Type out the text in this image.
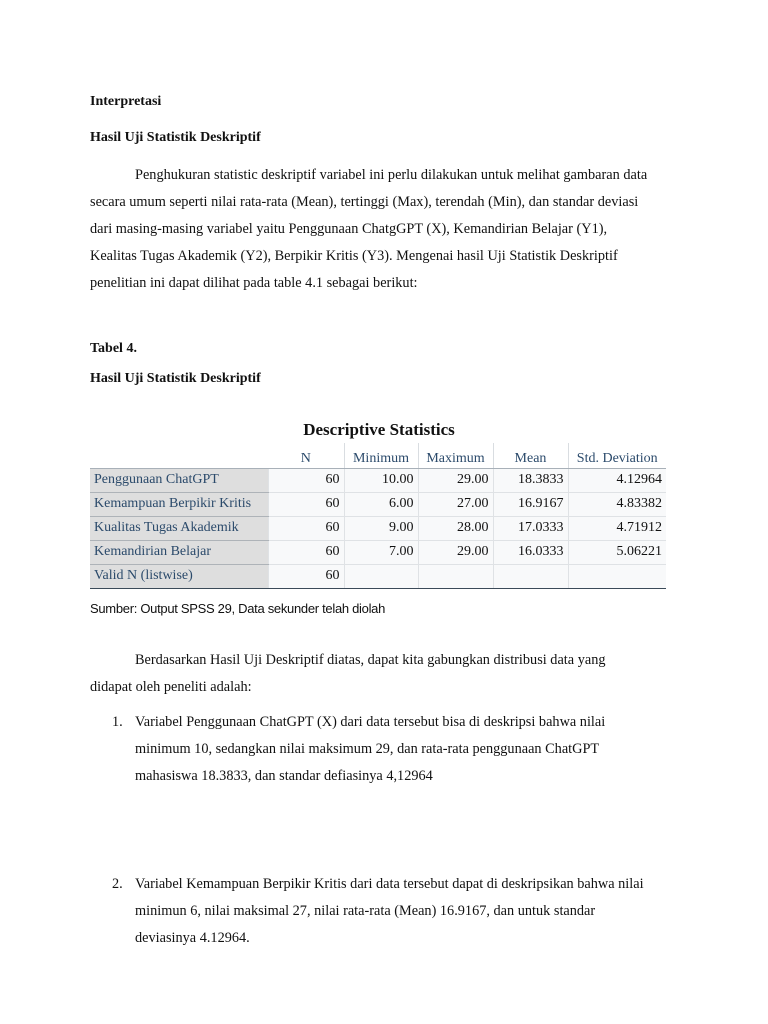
Interpretasi
Hasil Uji Statistik Deskriptif
Penghukuran statistic deskriptif variabel ini perlu dilakukan untuk melihat gambaran data
secara umum seperti nilai rata-rata (Mean), tertinggi (Max), terendah (Min), dan standar deviasi
dari masing-masing variabel yaitu Penggunaan ChatgGPT (X), Kemandirian Belajar (Y1),
Kealitas Tugas Akademik (Y2), Berpikir Kritis (Y3). Mengenai hasil Uji Statistik Deskriptif
penelitian ini dapat dilihat pada table 4.1 sebagai berikut:
Tabel 4.
Hasil Uji Statistik Deskriptif
Descriptive Statistics
	N	Minimum	Maximum	Mean	Std. Deviation
Penggunaan ChatGPT	60	10.00	29.00	18.3833	4.12964
Kemampuan Berpikir Kritis	60	6.00	27.00	16.9167	4.83382
Kualitas Tugas Akademik	60	9.00	28.00	17.0333	4.71912
Kemandirian Belajar	60	7.00	29.00	16.0333	5.06221
Valid N (listwise)	60				
Sumber: Output SPSS 29, Data sekunder telah diolah
Berdasarkan Hasil Uji Deskriptif diatas, dapat kita gabungkan distribusi data yang
didapat oleh peneliti adalah:
1. Variabel Penggunaan ChatGPT (X) dari data tersebut bisa di deskripsi bahwa nilai
minimum 10, sedangkan nilai maksimum 29, dan rata-rata penggunaan ChatGPT
mahasiswa 18.3833, dan standar defiasinya 4,12964
2. Variabel Kemampuan Berpikir Kritis dari data tersebut dapat di deskripsikan bahwa nilai
minimun 6, nilai maksimal 27, nilai rata-rata (Mean) 16.9167, dan untuk standar
deviasinya 4.12964.
